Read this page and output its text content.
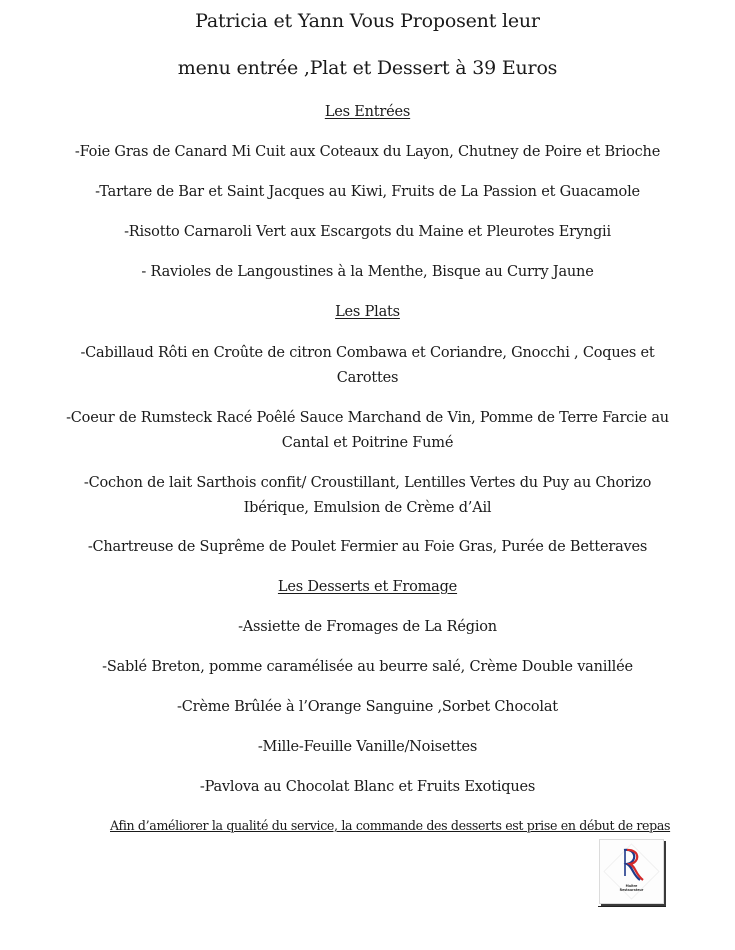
Patricia et Yann Vous Proposent leur
menu entrée ,Plat et Dessert à 39 Euros
Les Entrées
-Foie Gras de Canard Mi Cuit aux Coteaux du Layon, Chutney de Poire et Brioche
-Tartare de Bar et Saint Jacques au Kiwi, Fruits de La Passion et Guacamole
-Risotto Carnaroli Vert aux Escargots du Maine et Pleurotes Eryngii
- Ravioles de Langoustines à la Menthe, Bisque au Curry Jaune
Les Plats
-Cabillaud Rôti en Croûte de citron Combawa et Coriandre, Gnocchi , Coques et Carottes
-Coeur de Rumsteck Racé Poêlé Sauce Marchand de Vin, Pomme de Terre Farcie au Cantal et Poitrine Fumé
-Cochon de lait Sarthois confit/ Croustillant, Lentilles Vertes du Puy au Chorizo Ibérique, Emulsion de Crème d’Ail
-Chartreuse de Suprême de Poulet Fermier au Foie Gras, Purée de Betteraves
Les Desserts et Fromage
-Assiette de Fromages de La Région
-Sablé Breton, pomme caramélisée au beurre salé, Crème Double vanillée
-Crème Brûlée à l’Orange Sanguine ,Sorbet Chocolat
-Mille-Feuille Vanille/Noisettes
-Pavlova au Chocolat Blanc et Fruits Exotiques
Afin d’améliorer la qualité du service, la commande des desserts est prise en début de repas
Maître
Restaurateur
